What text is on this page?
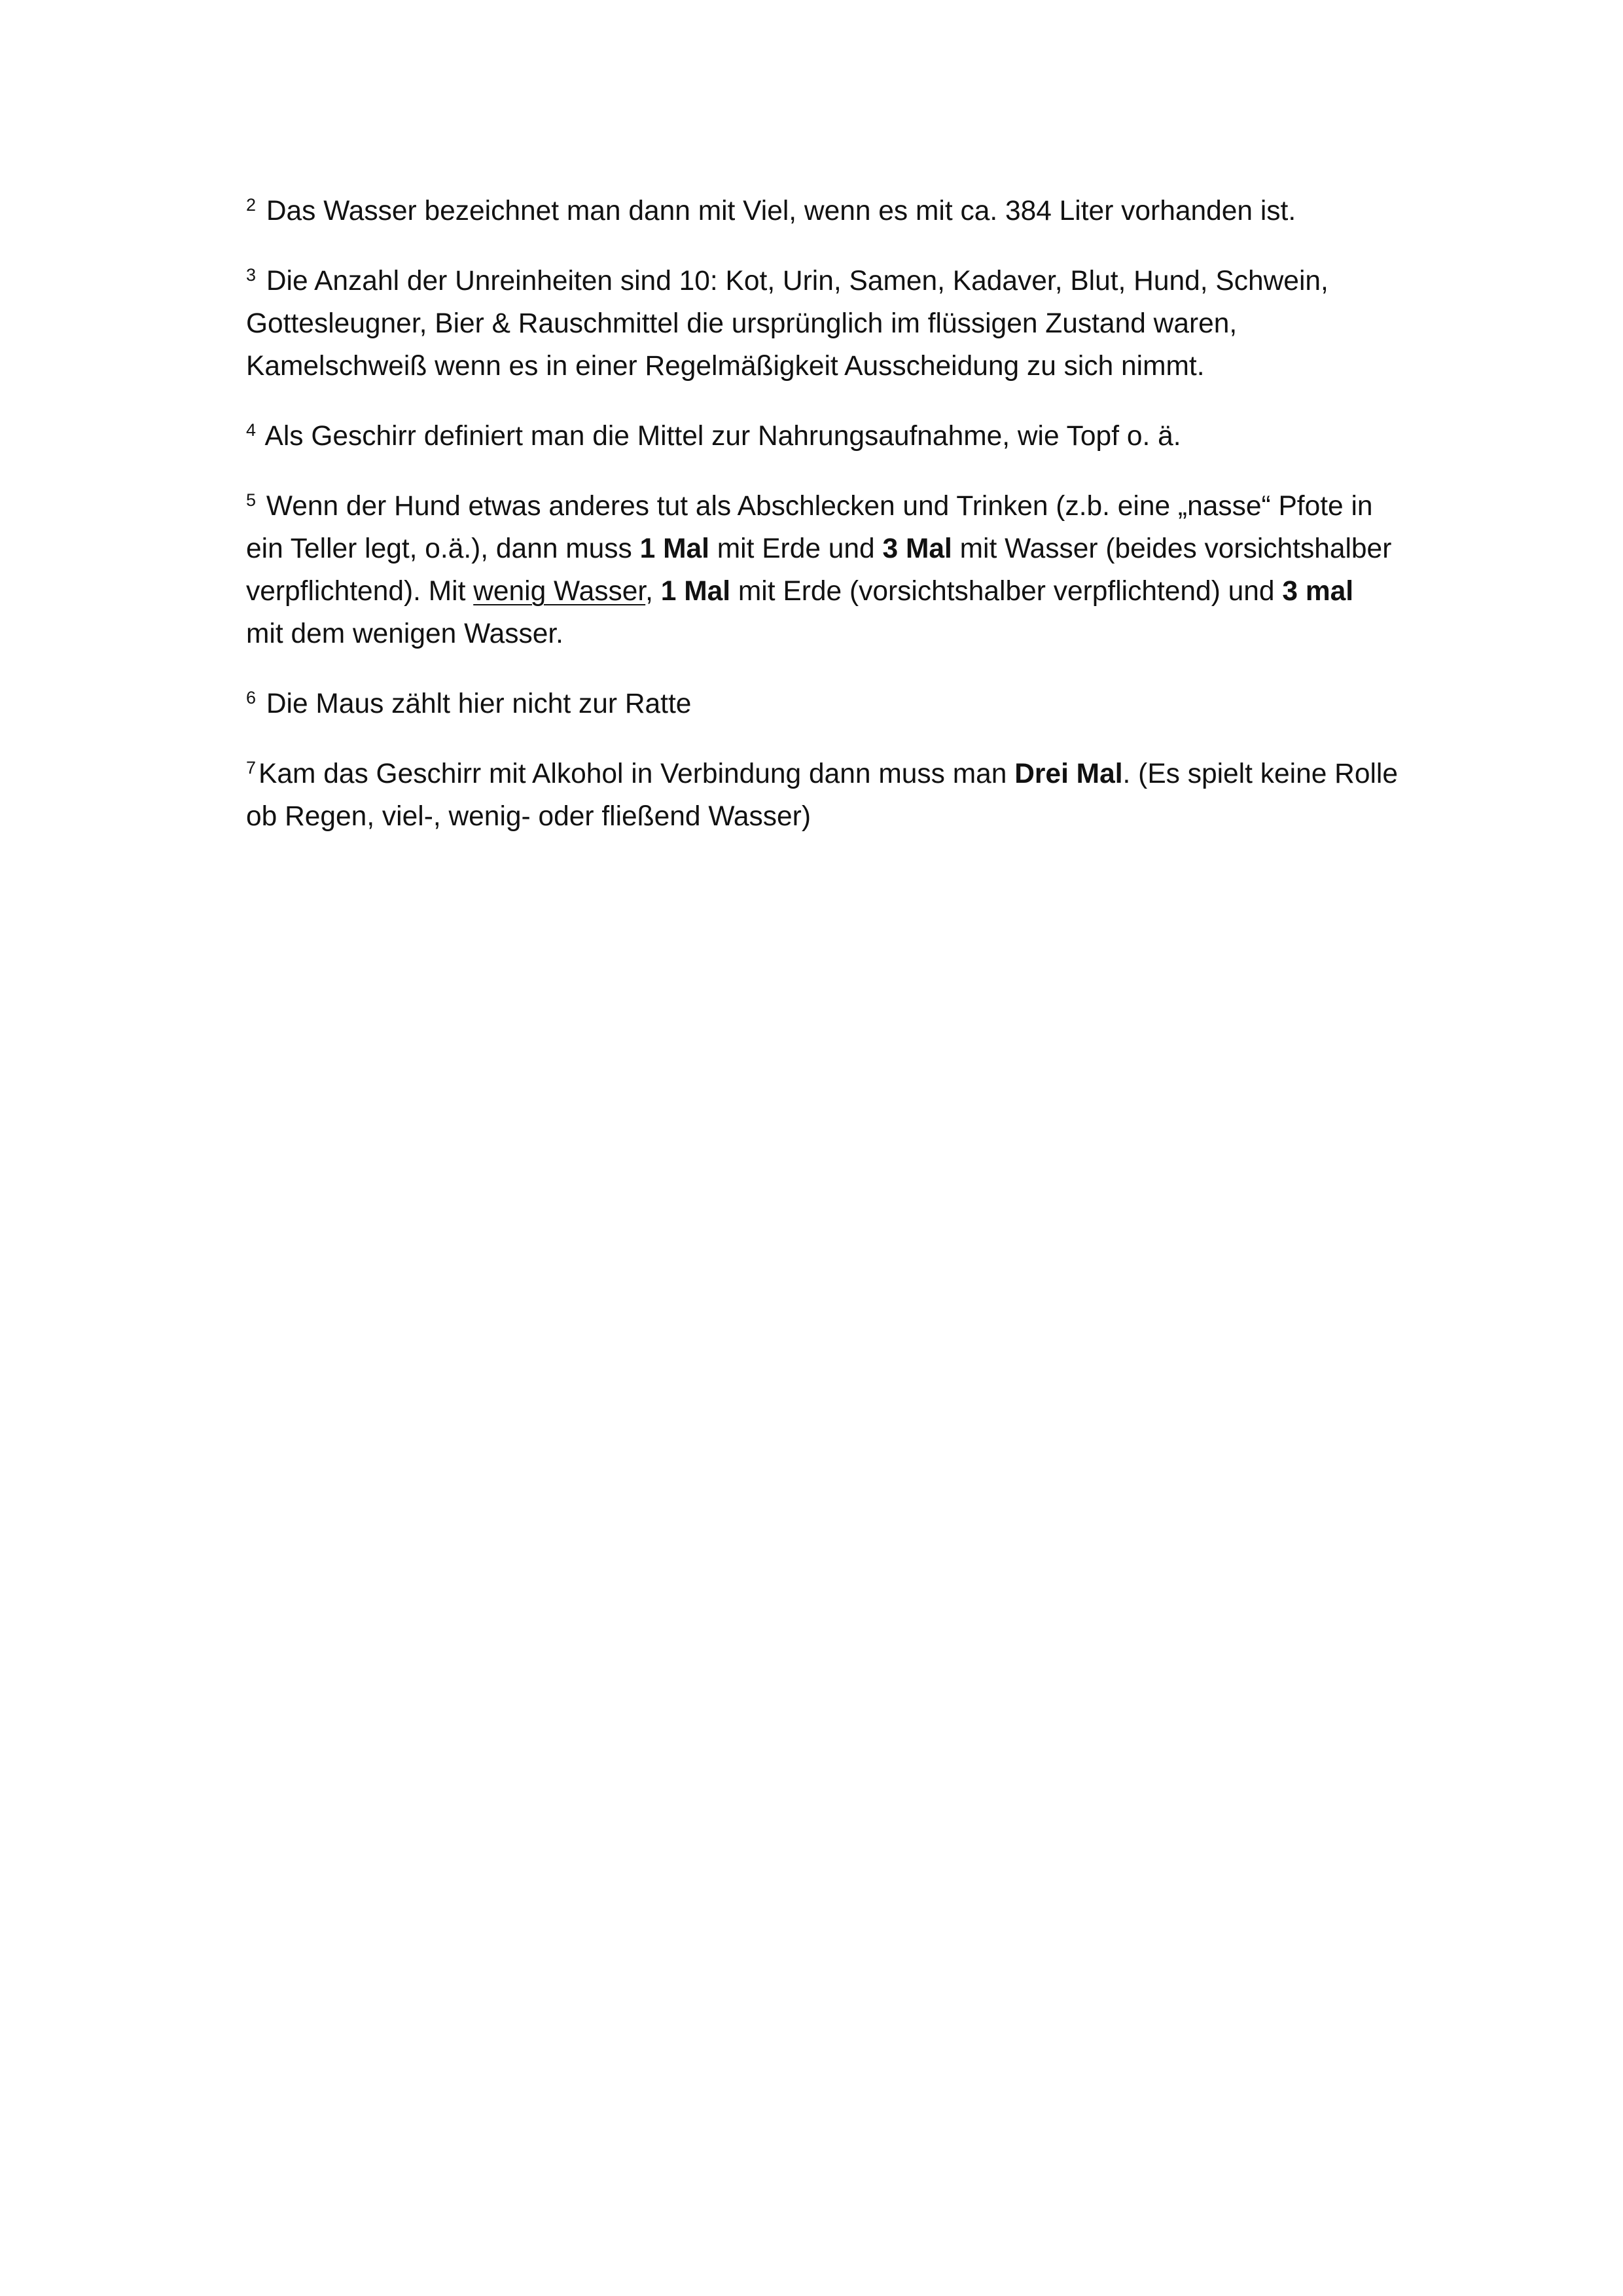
$^2$ Das Wasser bezeichnet man dann mit Viel, wenn es mit ca. 384 Liter vorhanden ist.

$^3$ Die Anzahl der Unreinheiten sind 10: Kot, Urin, Samen, Kadaver, Blut, Hund, Schwein, Gottesleugner, Bier & Rauschmittel die ursprünglich im flüssigen Zustand waren, Kamelschweiß wenn es in einer Regelmäßigkeit Ausscheidung zu sich nimmt.

$^4$ Als Geschirr definiert man die Mittel zur Nahrungsaufnahme, wie Topf o. ä.

$^5$ Wenn der Hund etwas anderes tut als Abschlecken und Trinken (z.b. eine „nasse“ Pfote in ein Teller legt, o.ä.), dann muss 1 Mal mit Erde und 3 Mal mit Wasser (beides vorsichtshalber verpflichtend). Mit wenig Wasser, 1 Mal mit Erde (vorsichtshalber verpflichtend) und 3 mal  mit dem wenigen Wasser.

$^6$ Die Maus zählt hier nicht zur Ratte

$^7$Kam das Geschirr mit Alkohol in Verbindung dann muss man Drei Mal. (Es spielt keine Rolle ob Regen, viel-, wenig- oder fließend Wasser)
